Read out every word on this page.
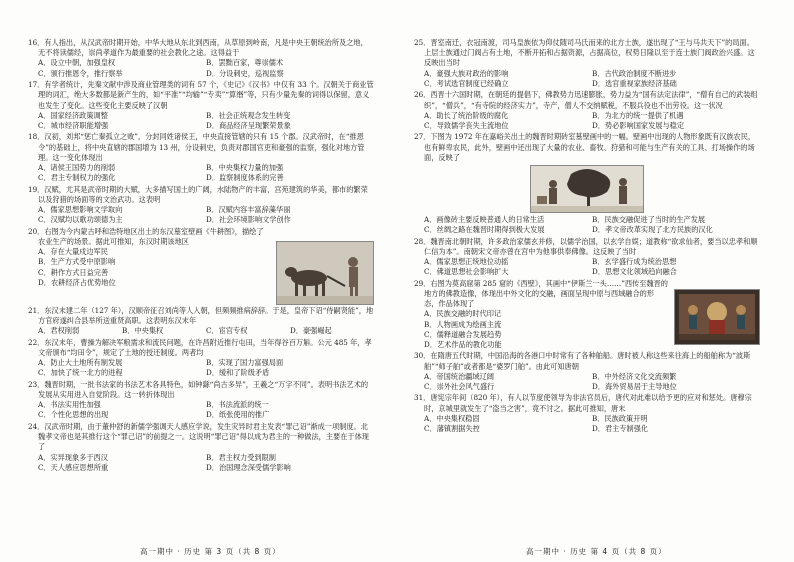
16．有人指出，从汉武帝时期开始，中华大地从东北到西南，从草原到岭南，凡是中央王朝统治所及之地，无不将读儒经，崇尚孝道作为最重要的社会教化之途。这得益于
A．设立中朝，加强皇权	B．罢黜百家，尊崇儒术
C．颁行推恩令，推行察举	D．分设刺史，巡视监察
17．有学者统计，先秦文献中涉及商业管理类的词有 57 个，《史记》《汉书》中仅有 33 个。汉朝关于商业管理的词汇，绝大多数都是新产生的，如“平准”“均输”“专卖”“算缗”等，只有少量先秦的词得以保留，意义也发生了变化。这些变化主要反映了汉朝
A．国家经济政策调整	B．社会正统观念发生转变
C．城市经济职能增强	D．商品经济呈现繁荣景象
18．汉初，刘邦“惩亡秦孤立之败”，分封同姓诸侯王，中央直接管辖的只有 15 个郡。汉武帝时，在“推恩令”的基础上，将中央直辖的郡国增为 13 州，分设刺史，负责对郡国官吏和豪强的监察，强化对地方管理。这一变化体现出
A．诸侯王国势力的削弱	B．中央集权力量的加强
C．君主专制权力的强化	D．监察制度体系的完善
19．汉赋，尤其是武帝时期的大赋，大多描写国土的广阔，水陆物产的丰富，宫苑建筑的华美，都市的繁荣以及狩猎的场面等的文治武功。这表明
A．儒家思想影响文学取向	B．汉赋内容丰富辞藻华丽
C．汉赋均以歌功颂德为主	D．社会环境影响文学创作
20．右图为今内蒙古呼和浩特地区出土的东汉墓室壁画《牛耕图》，描绘了农业生产的场景。据此可推知，东汉时期该地区
A．存在大量戍边军民
B．生产方式受中原影响
C．耕作方式日益完善
D．农耕经济占优势地位
21．东汉末建二年（127 年），汉顺帝征召刘尚等人入朝，但频频推病辞辞。于是，皇帝下诏“侍嗣贤能”，地方官府遂纠合县举所送重贤高职。这表明东汉末年
A．君权削弱	B．中央集权	C．宦官专权	D．豪强崛起
22．东汉末年，曹操为解决军粮需求和流民问题，在许昌附近推行屯田，当年得谷百万斛。公元 485 年，孝文帝颁布“均田令”，规定了土地的授还制度。两者均
A．防止大土地所有制发展	B．实现了国力富强局面
C．加快了统一北方的进程	D．缓和了阶级矛盾
23．魏晋时期，一批书法家的书法艺术各具特色，如钟繇“尚古多异”，王羲之“万字不同”。表明书法艺术的发展从实用进入自觉阶段。这一转折体现出
A．书法实用性加强	B．书法流派的统一
C．个性化思想的出现	D．纸张使用的推广
24．汉武帝时期，由于董仲舒的新儒学强调天人感应学说，发生灾异时君主发表“罪己诏”渐成一项制度。北魏孝文帝也是其推行这个“罪己诏”的前提之一。这说明“罪己诏”得以成为君主的一种做法，主要在于体现了
A．实异现象多于西汉	B．君主权力受到限制
C．天人感应思想所重	D．治国理念深受儒学影响
25．晋室南迁，衣冠南渡，司马皇族依为仰仗随司马氏而来的北方士族，遂出现了“王与马共天下”的局面。上层士族通过门阀占有土地，不断开拓和占据资源，占据高位，权势日隆以至于连士族门阀政治兴盛。这反映出当时
A．豪强大族对政治的影响	B．古代政治制度不断进步
C．考试选官制度已经确立	D．选官重视家族经济基础
26．西晋十六国时期，在朝廷的提倡下，佛教势力迅速膨胀，势力益为“国有法定法律”，“僧有自己的武装组织”，“僧兵”，“有寺院的经济实力”，寺产，僧人不交纳赋税，不服兵役也不出劳役。这一状况
A．助长了统治阶级的腐化	B．为北方的统一提供了机遇
C．导致儒学丧失主流地位	D．势必影响国家发展与稳定
27．下图为 1972 年在嘉峪关出土的魏晋时期砖室墓壁画中的一幅。壁画中出现的人物形象既有汉族农民，也有鲜卑农民，此外，壁画中还出现了大量的农业、畜牧、狩猎和可能与生产有关的工具、打场操作的场面，反映了
A．画像砖主要反映普通人的日常生活	B．民族交融促进了当时的生产发展
C．丝绸之路在魏晋时期得到极大发展	D．孝文帝改革实现了北方民族的汉化
28．魏晋南北朝时期，许多政治家儒玄并修，以儒学治国，以玄学自娱；道教称“欲求仙者，要当以忠孝和顺仁信为本”。南朝宋文帝亦曾在宫中为他事供奉佛像。这反映了当时
A．儒家思想正统地位动摇	B．玄学盛行成为统治思想
C．佛道思想社会影响扩大	D．思想文化领域趋向融合
29．右图为莫高窟第 285 窟的《西壁》，其画中“伊斯兰一头……”西传至魏晋的地方的佛教造像，体现出中外文化的交融，画面呈现中原与西域融合的形态，作品体现了
A．民族交融的时代印记
B．人物画成为绘画主流
C．儒释道融合发展趋势
D．艺术作品的教化功能
30．在隋唐五代时期，中国沿海的各港口中时常有了各种舶船。唐时被人称这些来往海上的船舶称为“波斯舶”“师子舶”或者都是“婆罗门舶”。由此可知唐朝
A．帝国统治疆域辽阔	B．中外经济文化交流频繁
C．崇外社会风气盛行	D．海外贸易居于主导地位
31．唐宪宗年间（820 年），有人以节度使领导为非法官员后，唐代对此难以给予更的应对和惩处。唐穆宗时，京城里就发生了“盗当之害”，竟不讨之。据此可推知，唐末
A．中央集权稳固	B．民族政策开明
C．藩镇割据失控	D．君主专制强化
高一期中 · 历史 第 3 页（共 8 页）	高一期中 · 历史 第 4 页（共 8 页）
